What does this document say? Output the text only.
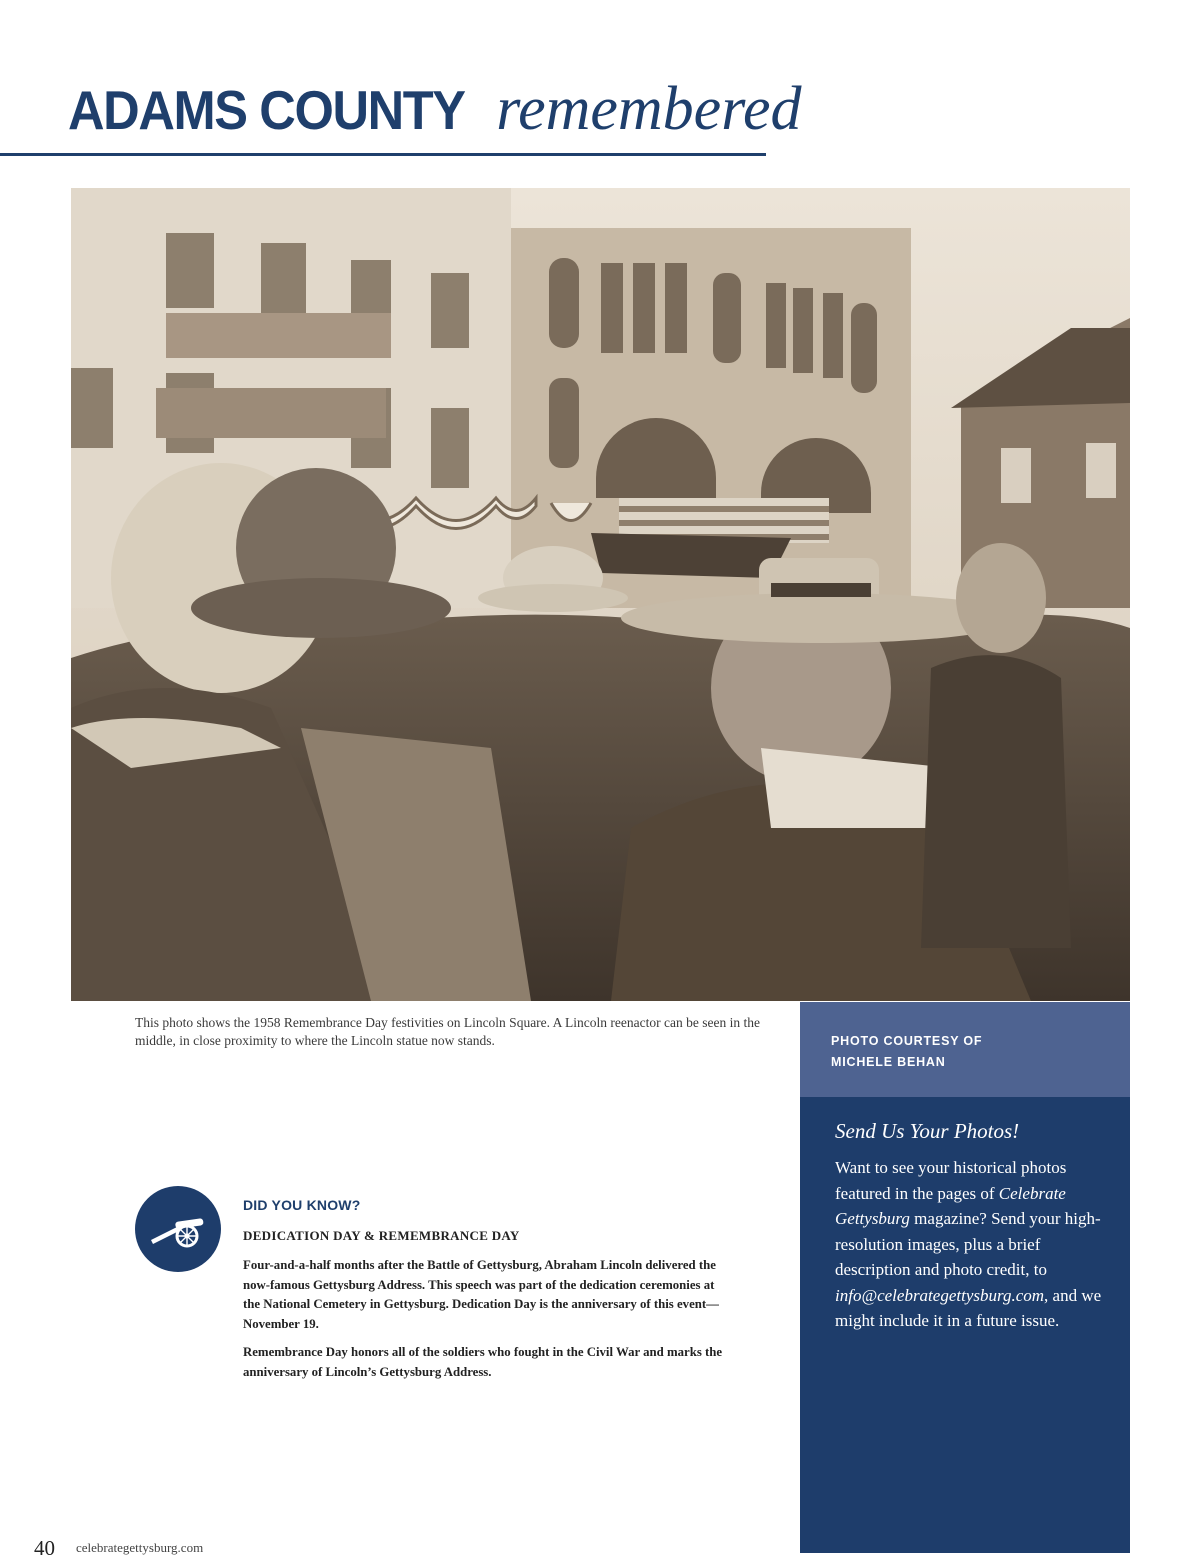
ADAMS COUNTY remembered
This photo shows the 1958 Remembrance Day festivities on Lincoln Square. A Lincoln reenactor can be seen in the middle, in close proximity to where the Lincoln statue now stands.	PHOTO COURTESY OF
MICHELE BEHAN
Send Us Your Photos!
Want to see your historical photos featured in the pages of Celebrate Gettysburg magazine? Send your high-resolution images, plus a brief description and photo credit, to info@celebrategettysburg.com, and we might include it in a future issue.
DID YOU KNOW?
DEDICATION DAY & REMEMBRANCE DAY

Four-and-a-half months after the Battle of Gettysburg, Abraham Lincoln delivered the now-famous Gettysburg Address. This speech was part of the dedication ceremonies at the National Cemetery in Gettysburg. Dedication Day is the anniversary of this event—November 19.

Remembrance Day honors all of the soldiers who fought in the Civil War and marks the anniversary of Lincoln’s Gettysburg Address.

40 celebrategettysburg.com
